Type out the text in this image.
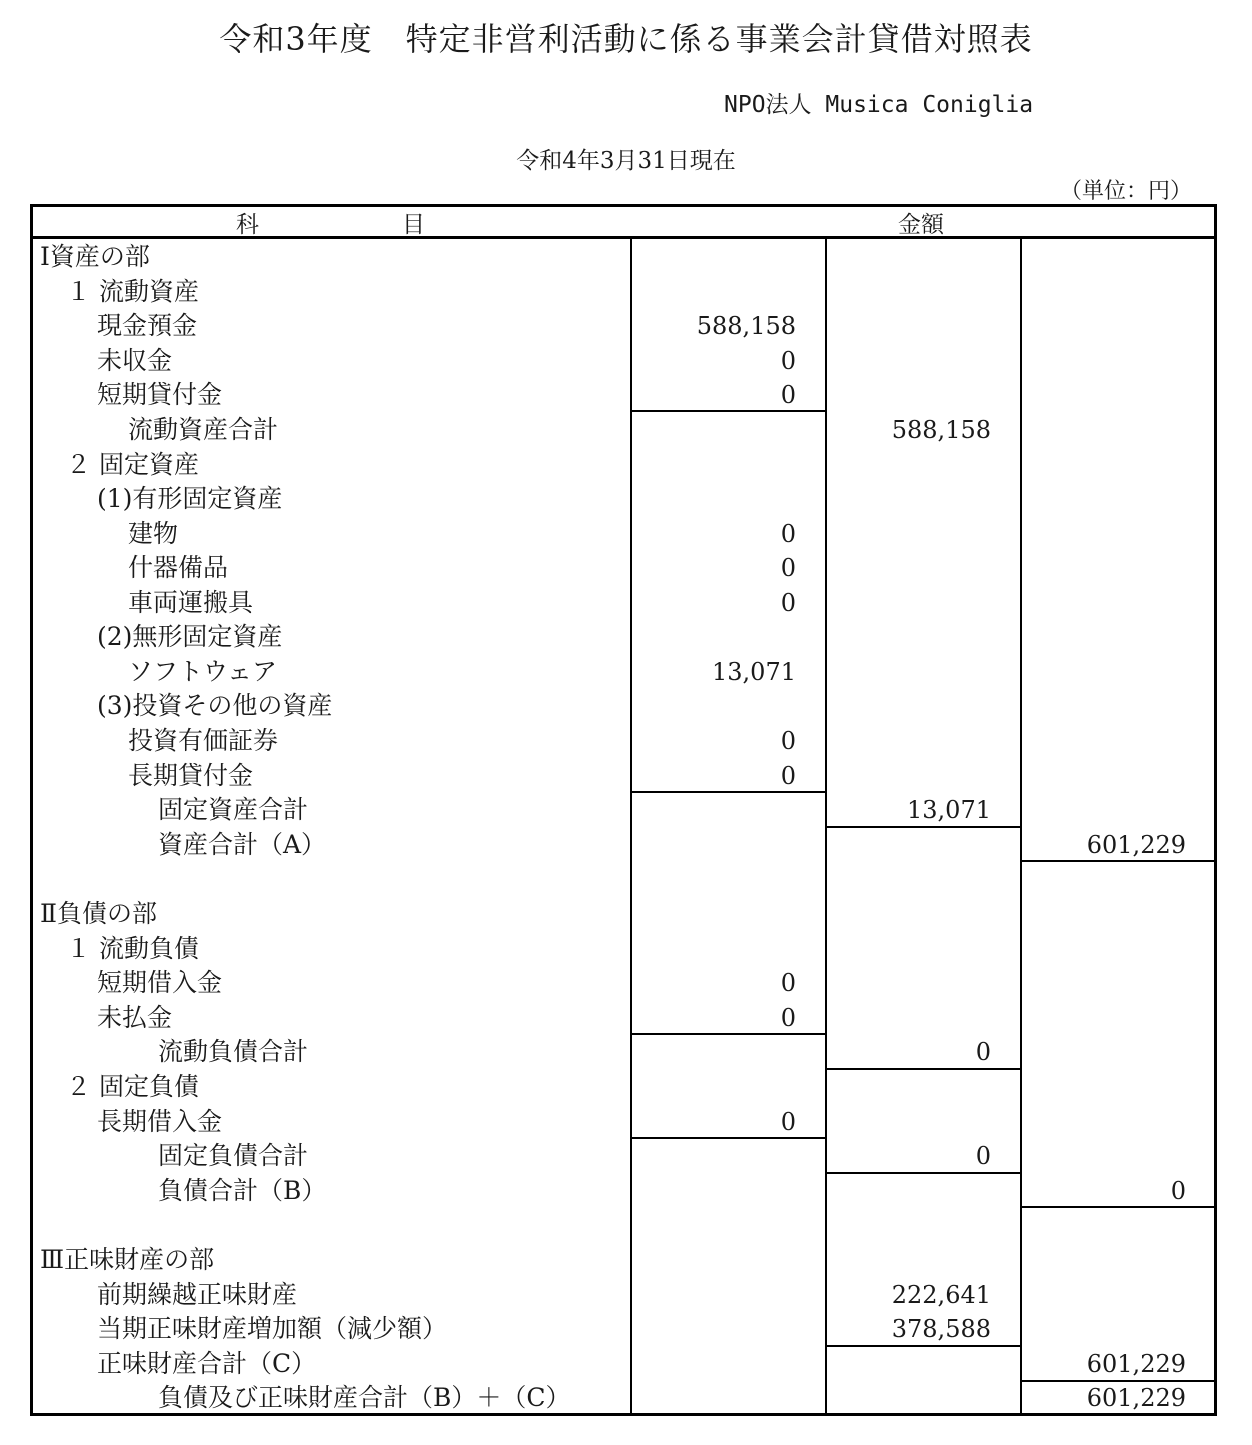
令和3年度　特定非営利活動に係る事業会計貸借対照表
NPO法人 Musica Coniglia
令和4年3月31日現在
（単位：円）
科	目	金額
Ⅰ資産の部
１ 流動資産
現金預金	588,158
未収金	0
短期貸付金	0
流動資産合計	588,158
２ 固定資産
(1)有形固定資産
建物	0
什器備品	0
車両運搬具	0
(2)無形固定資産
ソフトウェア	13,071
(3)投資その他の資産
投資有価証券	0
長期貸付金	0
固定資産合計	13,071
資産合計（A）	601,229
Ⅱ負債の部
１ 流動負債
短期借入金	0
未払金	0
流動負債合計	0
２ 固定負債
長期借入金	0
固定負債合計	0
負債合計（B）	0
Ⅲ正味財産の部
前期繰越正味財産	222,641
当期正味財産増加額（減少額）	378,588
正味財産合計（C）	601,229
負債及び正味財産合計（B）＋（C）	601,229
